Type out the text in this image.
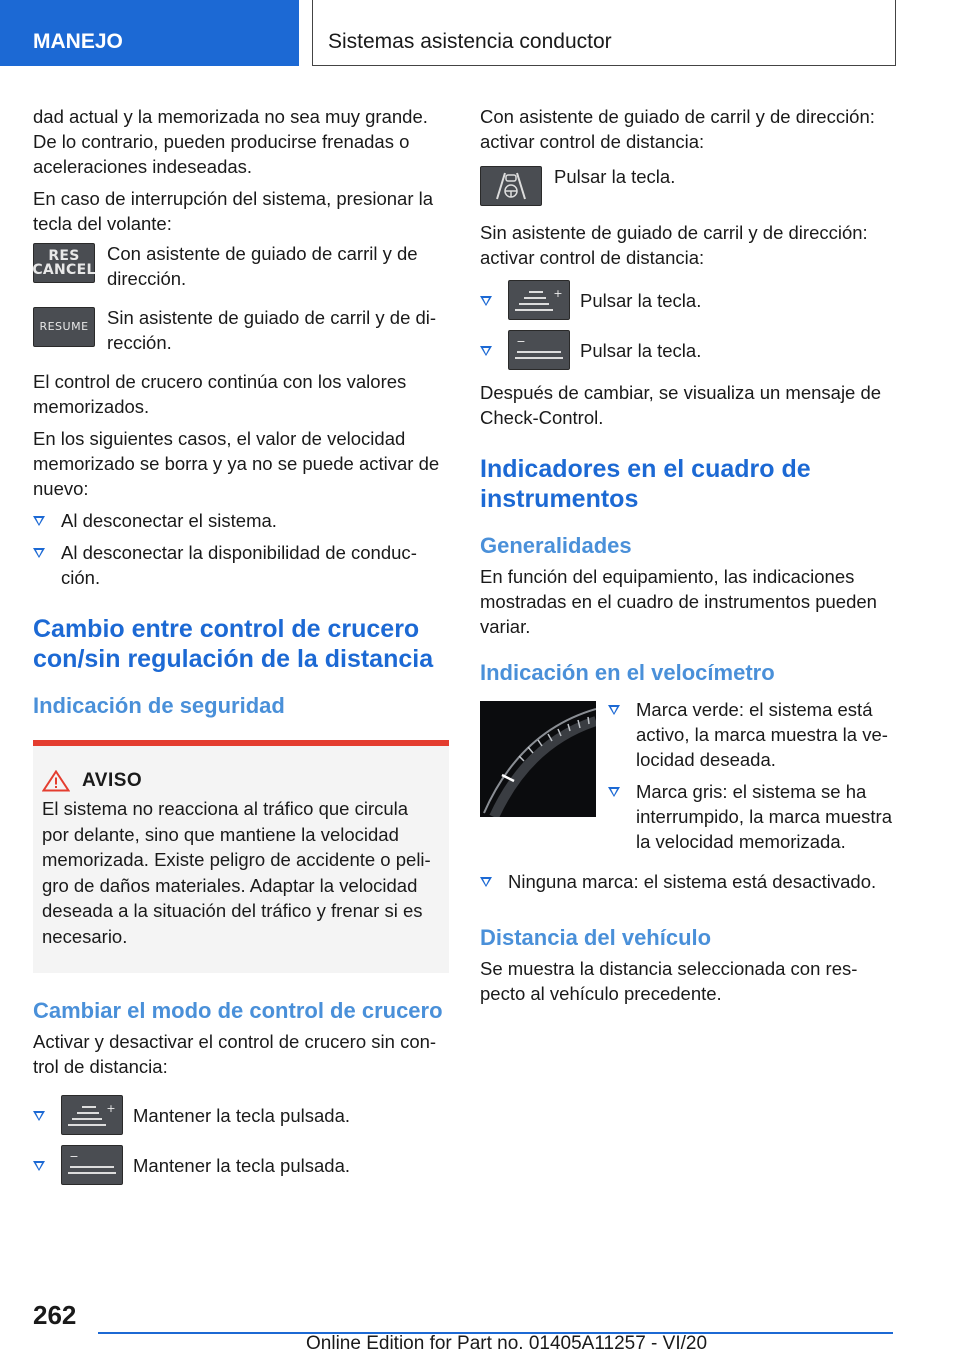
MANEJO	Sistemas asistencia conductor

dad actual y la memorizada no sea muy grande. De lo contrario, pueden producirse frenadas o aceleraciones indeseadas.

En caso de interrupción del sistema, presionar la tecla del volante:

RES
CANCEL
Con asistente de guiado de carril y de dirección.
RESUME Sin asistente de guiado de carril y de dirección.

El control de crucero continúa con los valores memorizados.

En los siguientes casos, el valor de velocidad memorizado se borra y ya no se puede activar de nuevo:

Al desconectar el sistema.
Al desconectar la disponibilidad de conducción.
Cambio entre control de crucero con/sin regulación de la distancia
Indicación de seguridad
AVISO

El sistema no reacciona al tráfico que circula por delante, sino que mantiene la velocidad memorizada. Existe peligro de accidente o peligro de daños materiales. Adaptar la velocidad deseada a la situación del tráfico y frenar si es necesario.

Cambiar el modo de control de crucero

Activar y desactivar el control de crucero sin control de distancia:

+ Mantener la tecla pulsada.
−	Mantener la tecla pulsada.

Con asistente de guiado de carril y de dirección: activar control de distancia:

Pulsar la tecla.

Sin asistente de guiado de carril y de dirección: activar control de distancia:

+ Pulsar la tecla.
−	Pulsar la tecla.

Después de cambiar, se visualiza un mensaje de Check-Control.

Indicadores en el cuadro de instrumentos
Generalidades

En función del equipamiento, las indicaciones mostradas en el cuadro de instrumentos pueden variar.

Indicación en el velocímetro
Marca verde: el sistema está activo, la marca muestra la velocidad deseada.
Marca gris: el sistema se ha interrumpido, la marca muestra la velocidad memorizada.
Ninguna marca: el sistema está desactivado.
Distancia del vehículo

Se muestra la distancia seleccionada con respecto al vehículo precedente.

262
Online Edition for Part no. 01405A11257 - VI/20
